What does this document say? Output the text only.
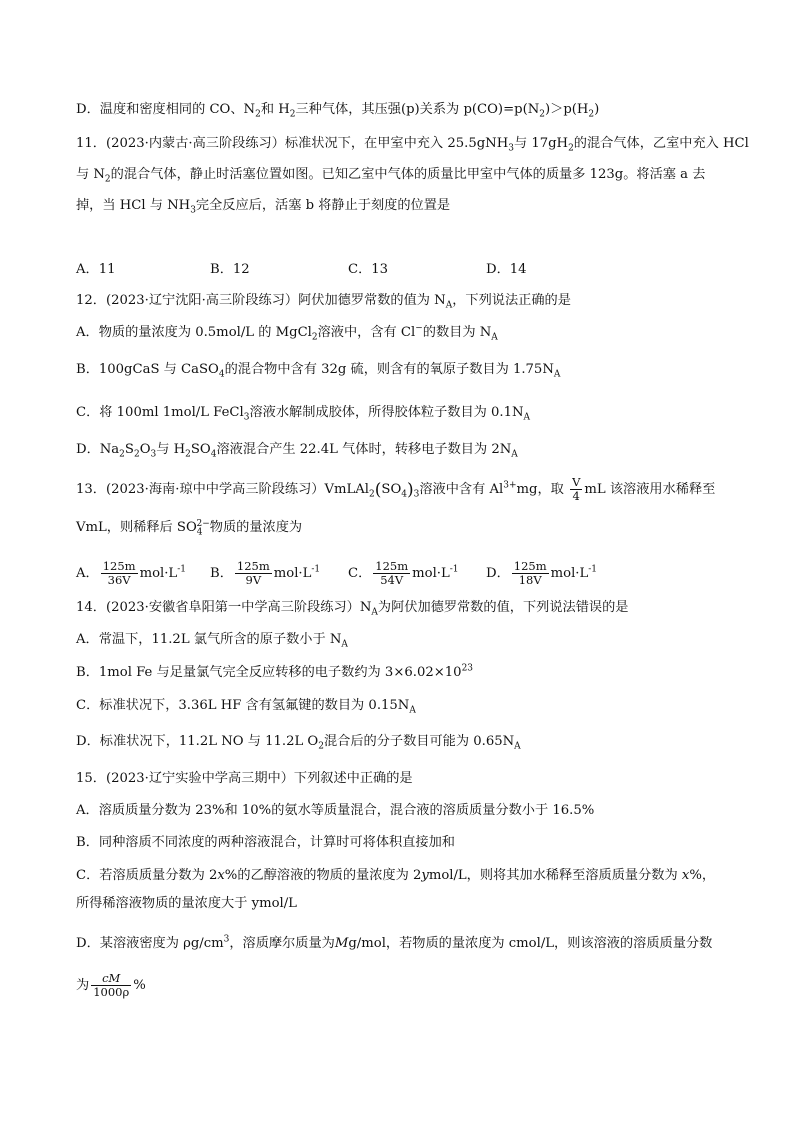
D．温度和密度相同的 CO、$N_2$和 $H_2$三种气体，其压强(p)关系为 $p(CO)=p(N_2)>p(H_2)$
11．(2023·内蒙古·高三阶段练习）标准状况下，在甲室中充入 25.5gNH$_3$与 $17gH_2$的混合气体，乙室中充入 HCl
与 $N_2$的混合气体，静止时活塞位置如图。已知乙室中气体的质量比甲室中气体的质量多 123g。将活塞 a 去
掉，当 HCl 与 $NH_3$完全反应后，活塞 b 将静止于刻度的位置是
A．11	B．12	C．13	D．14
12．(2023·辽宁沈阳·高三阶段练习）阿伏加德罗常数的值为 $N_A$，下列说法正确的是
A．物质的量浓度为 0.5mol/L 的 MgCl$_2$溶液中，含有 Cl−的数目为 $N_A$
B．100gCaS 与 CaSO$_4$的混合物中含有 32g 硫，则含有的氧原子数目为 $1.75N_A$
C．将 100ml 1mol/L FeCl$_3$溶液水解制成胶体，所得胶体粒子数目为 $0.1N_A$
D．$Na_2S_2O_3$与 $H_2SO_4$溶液混合产生 22.4L 气体时，转移电子数目为 $2N_A$
13．(2023·海南·琼中中学高三阶段练习）$VmLAl_2(SO_4)_3$溶液中含有 $Al^{3+}mg$，取 $\frac{V}{4}$ mL 该溶液用水稀释至
VmL，则稀释后 $SO_4^{2-}$物质的量浓度为
A． $\frac{125m}{36V} mol\cdot L^{-1}$ B． $\frac{125m}{9V} mol\cdot L^{-1}$ C． $\frac{125m}{54V} mol\cdot L^{-1}$ D． $\frac{125m}{18V} mol\cdot L^{-1}$
14．(2023·安徽省阜阳第一中学高三阶段练习）$N_A$为阿伏加德罗常数的值，下列说法错误的是
A．常温下，11.2L 氯气所含的原子数小于 $N_A$
B．1mol Fe 与足量氯气完全反应转移的电子数约为 $3\times 6.02\times 10^{23}$
C．标准状况下，3.36L HF 含有氢氟键的数目为 $0.15N_A$
D．标准状况下，11.2L NO 与 11.2L $O_2$混合后的分子数目可能为 $0.65N_A$
15．(2023·辽宁实验中学高三期中）下列叙述中正确的是
A．溶质质量分数为 23%和 10%的氨水等质量混合，混合液的溶质质量分数小于 16.5%
B．同种溶质不同浓度的两种溶液混合，计算时可将体积直接加和
C．若溶质质量分数为 2x%的乙醇溶液的物质的量浓度为 2ymol/L，则将其加水稀释至溶质质量分数为 x%，
所得稀溶液物质的量浓度大于 ymol/L
D．某溶液密度为 $\rho g/cm^3$，溶质摩尔质量为Mg/mol，若物质的量浓度为 cmol/L，则该溶液的溶质质量分数
为 $\frac{cM}{1000\rho}$ %
